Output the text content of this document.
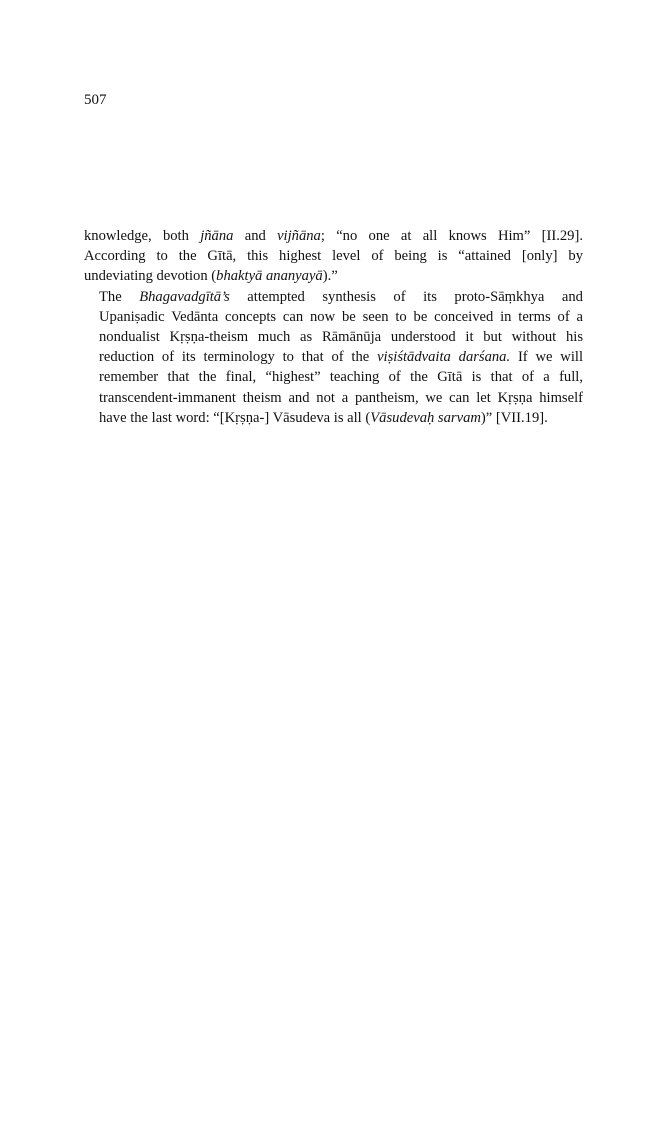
507

knowledge, both jñāna and vijñāna; “no one at all knows Him” [II.29].
According to the Gītā, this highest level of being is “attained [only] by
undeviating devotion (bhaktyā ananyayā).”

The Bhagavadgītā’s attempted synthesis of its proto-Sāṃkhya and
Upaniṣadic Vedānta concepts can now be seen to be conceived in terms of a
nondualist Kṛṣṇa-theism much as Rāmānūja understood it but without his
reduction of its terminology to that of the viṣiśtādvaita darśana. If we will
remember that the final, “highest” teaching of the Gītā is that of a full,
transcendent-immanent theism and not a pantheism, we can let Kṛṣṇa himself
have the last word: “[Kṛṣṇa-] Vāsudeva is all (Vāsudevaḥ sarvam)” [VII.19].
